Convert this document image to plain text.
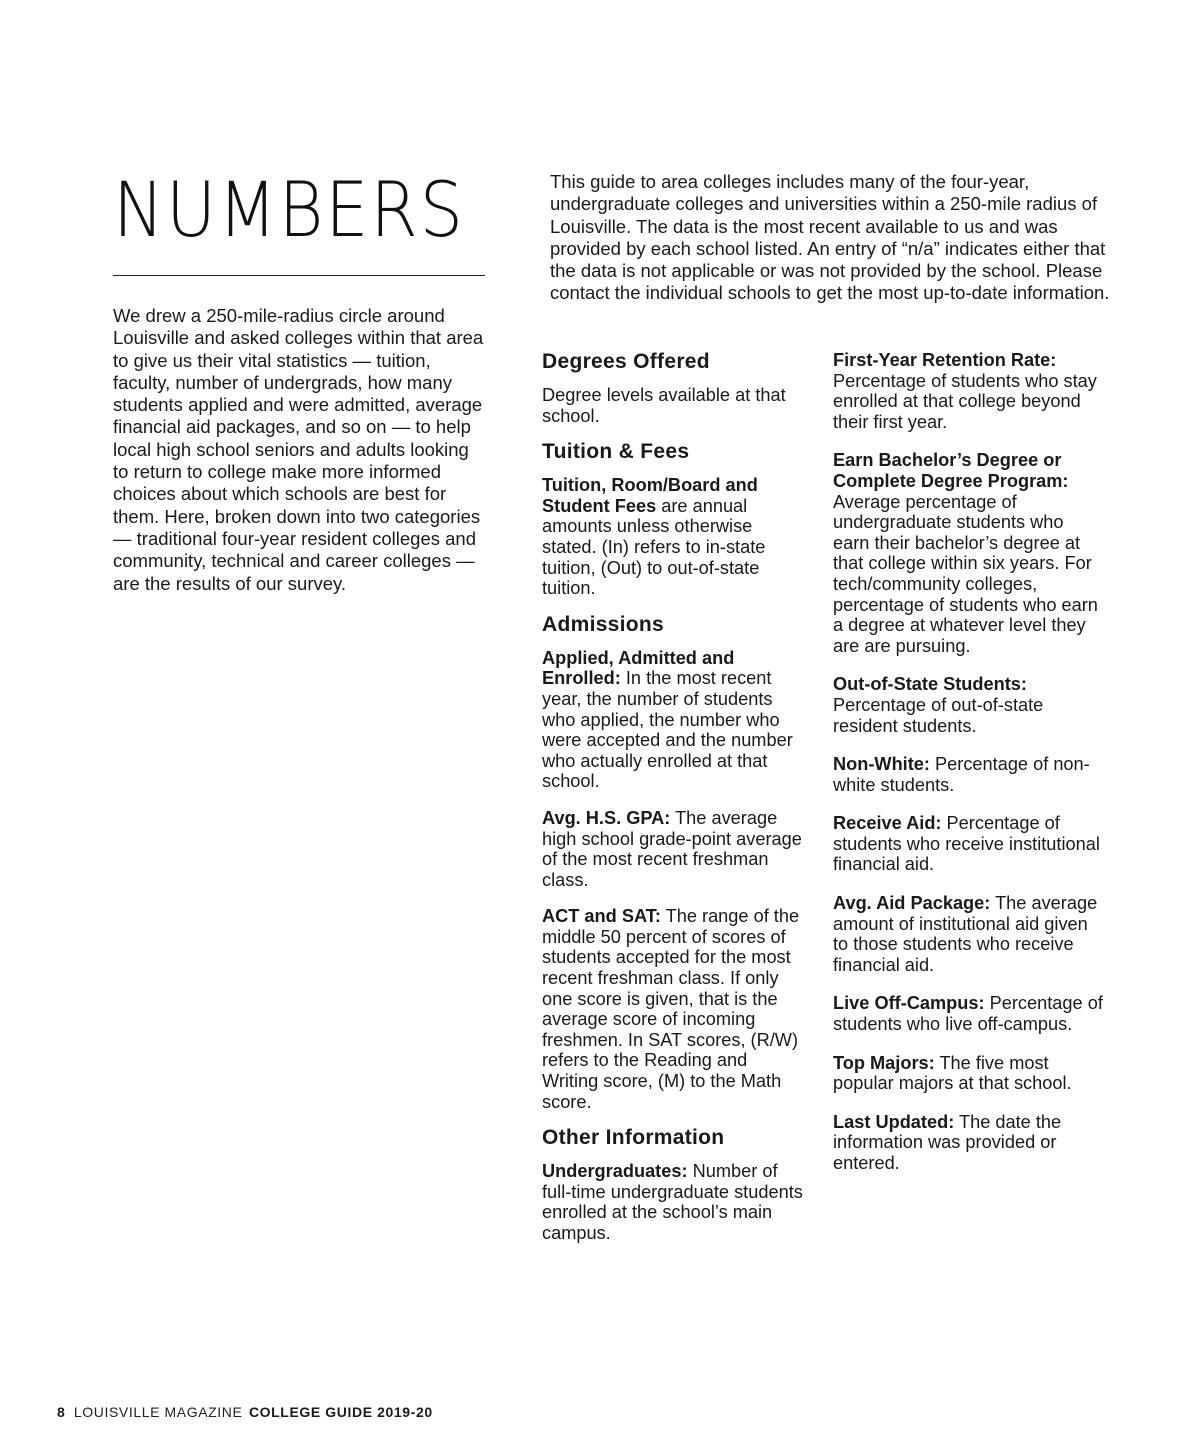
NUMBERS

We drew a 250-mile-radius circle around Louisville and asked colleges within that area to give us their vital statistics — tuition, faculty, number of undergrads, how many students applied and were admitted, average financial aid packages, and so on — to help local high school seniors and adults looking to return to college make more informed choices about which schools are best for them. Here, broken down into two categories — traditional four-year resident colleges and community, technical and career colleges — are the results of our survey.

This guide to area colleges includes many of the four-year, undergraduate colleges and universities within a 250-mile radius of Louisville. The data is the most recent available to us and was provided by each school listed. An entry of “n/a” indicates either that the data is not applicable or was not provided by the school. Please contact the individual schools to get the most up-to-date information.

Degrees Offered

Degree levels available at that school.

Tuition & Fees

Tuition, Room/Board and Student Fees are annual amounts unless otherwise stated. (In) refers to in-state tuition, (Out) to out-of-state tuition.

Admissions

Applied, Admitted and Enrolled: In the most recent year, the number of students who applied, the number who were accepted and the number who actually enrolled at that school.

Avg. H.S. GPA: The average high school grade-point average of the most recent freshman class.

ACT and SAT: The range of the middle 50 percent of scores of students accepted for the most recent freshman class. If only one score is given, that is the average score of incoming freshmen. In SAT scores, (R/W) refers to the Reading and Writing score, (M) to the Math score.

Other Information

Undergraduates: Number of full-time undergraduate students enrolled at the school’s main campus.

First-Year Retention Rate: Percentage of students who stay enrolled at that college beyond their first year.

Earn Bachelor’s Degree or Complete Degree Program: Average percentage of undergraduate students who earn their bachelor’s degree at that college within six years. For tech/community colleges, percentage of students who earn a degree at whatever level they are are pursuing.

Out-of-State Students: Percentage of out-of-state resident students.

Non-White: Percentage of non-white students.

Receive Aid: Percentage of students who receive institutional financial aid.

Avg. Aid Package: The average amount of institutional aid given to those students who receive financial aid.

Live Off-Campus: Percentage of students who live off-campus.

Top Majors: The five most popular majors at that school.

Last Updated: The date the information was provided or entered.

8 LOUISVILLE MAGAZINE COLLEGE GUIDE 2019-20
